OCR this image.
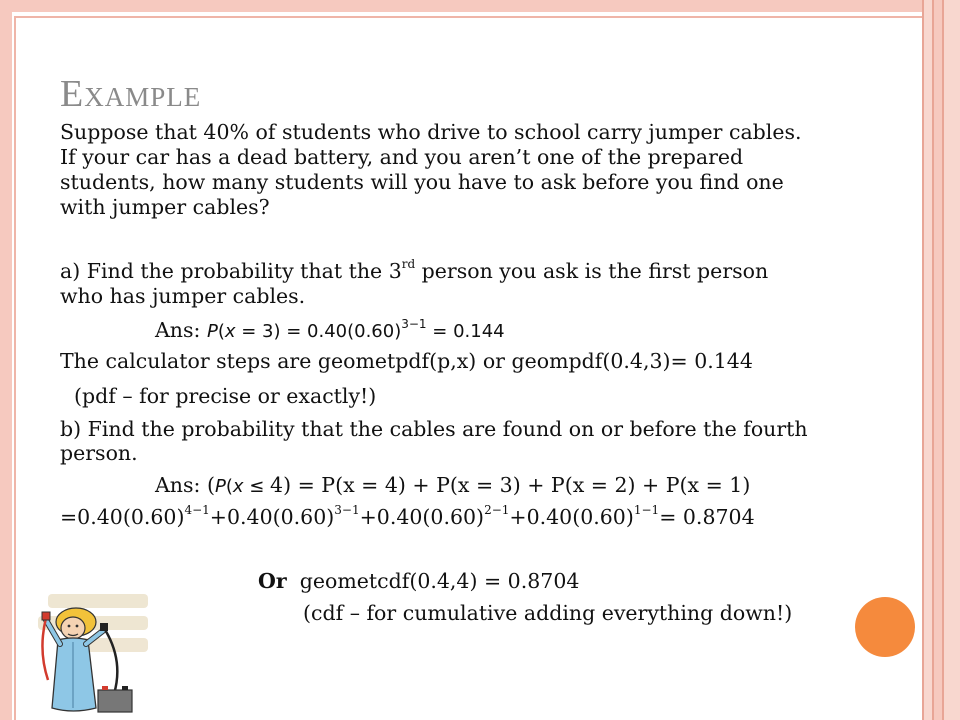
Example

Suppose that 40% of students who drive to school carry jumper cables.

If your car has a dead battery, and you aren’t one of the prepared

students, how many students will you have to ask before you find one

with jumper cables?

a) Find the probability that the 3rd person you ask is the first person

who has jumper cables.

Ans: $P(x = 3) = 0.40(0.60)^{3-1} = 0.144$

The calculator steps are geometpdf(p,x) or geompdf(0.4,3)= 0.144

(pdf – for precise or exactly!)

b) Find the probability that the cables are found on or before the fourth

person.

Ans: (P(x ≤ 4) = P(x = 4) + P(x = 3) + P(x = 2) + P(x = 1)

$=0.40(0.60)^{4-1}+0.40(0.60)^{3-1}+0.40(0.60)^{2-1}+0.40(0.60)^{1-1}= 0.8704$

Or geometcdf(0.4,4) = 0.8704

(cdf – for cumulative adding everything down!)
